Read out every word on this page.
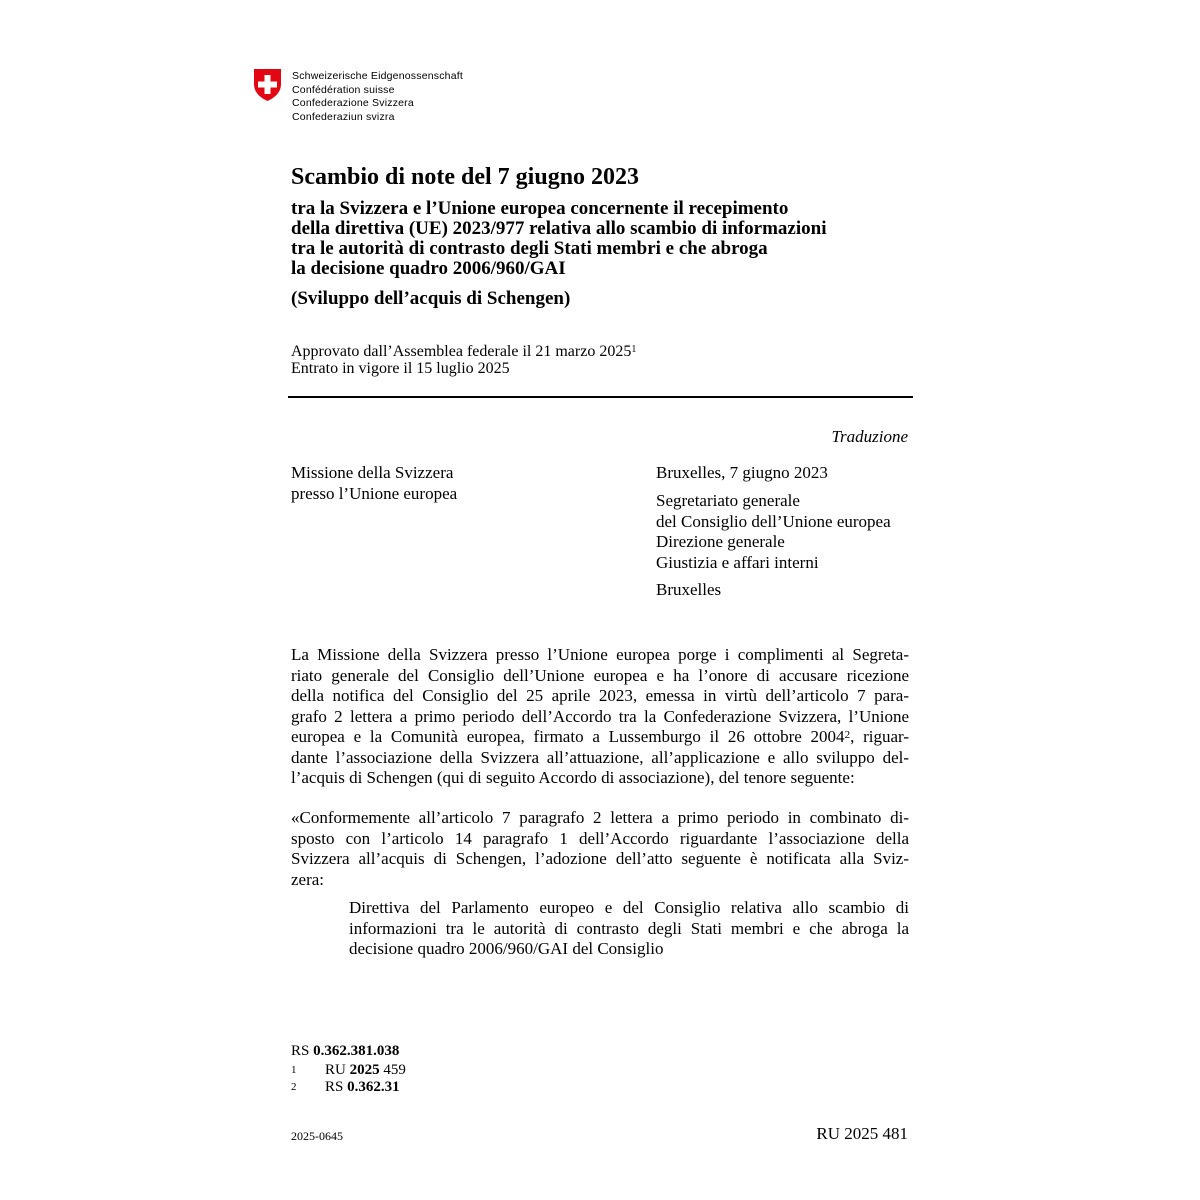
Schweizerische Eidgenossenschaft
Confédération suisse
Confederazione Svizzera
Confederaziun svizra
Scambio di note del 7 giugno 2023
tra la Svizzera e l’Unione europea concernente il recepimento
della direttiva (UE) 2023/977 relativa allo scambio di informazioni
tra le autorità di contrasto degli Stati membri e che abroga
la decisione quadro 2006/960/GAI
(Sviluppo dell’acquis di Schengen)
Approvato dall’Assemblea federale il 21 marzo 2025$^1$
Entrato in vigore il 15 luglio 2025
Traduzione
Missione della Svizzera
presso l’Unione europea
Bruxelles, 7 giugno 2023
Segretariato generale
del Consiglio dell’Unione europea
Direzione generale
Giustizia e affari interni
Bruxelles
La Missione della Svizzera presso l’Unione europea porge i complimenti al Segreta-
riato generale del Consiglio dell’Unione europea e ha l’onore di accusare ricezione
della notifica del Consiglio del 25 aprile 2023, emessa in virtù dell’articolo 7 para-
grafo 2 lettera a primo periodo dell’Accordo tra la Confederazione Svizzera, l’Unione
europea e la Comunità europea, firmato a Lussemburgo il 26 ottobre 2004$^2$, riguar-
dante l’associazione della Svizzera all’attuazione, all’applicazione e allo sviluppo del-
l’acquis di Schengen (qui di seguito Accordo di associazione), del tenore seguente:
«Conformemente all’articolo 7 paragrafo 2 lettera a primo periodo in combinato di-
sposto con l’articolo 14 paragrafo 1 dell’Accordo riguardante l’associazione della
Svizzera all’acquis di Schengen, l’adozione dell’atto seguente è notificata alla Sviz-
zera:
Direttiva del Parlamento europeo e del Consiglio relativa allo scambio di
informazioni tra le autorità di contrasto degli Stati membri e che abroga la
decisione quadro 2006/960/GAI del Consiglio
RS 0.362.381.038
1 RU 2025 459
2 RS 0.362.31
2025-0645	RU 2025 481
